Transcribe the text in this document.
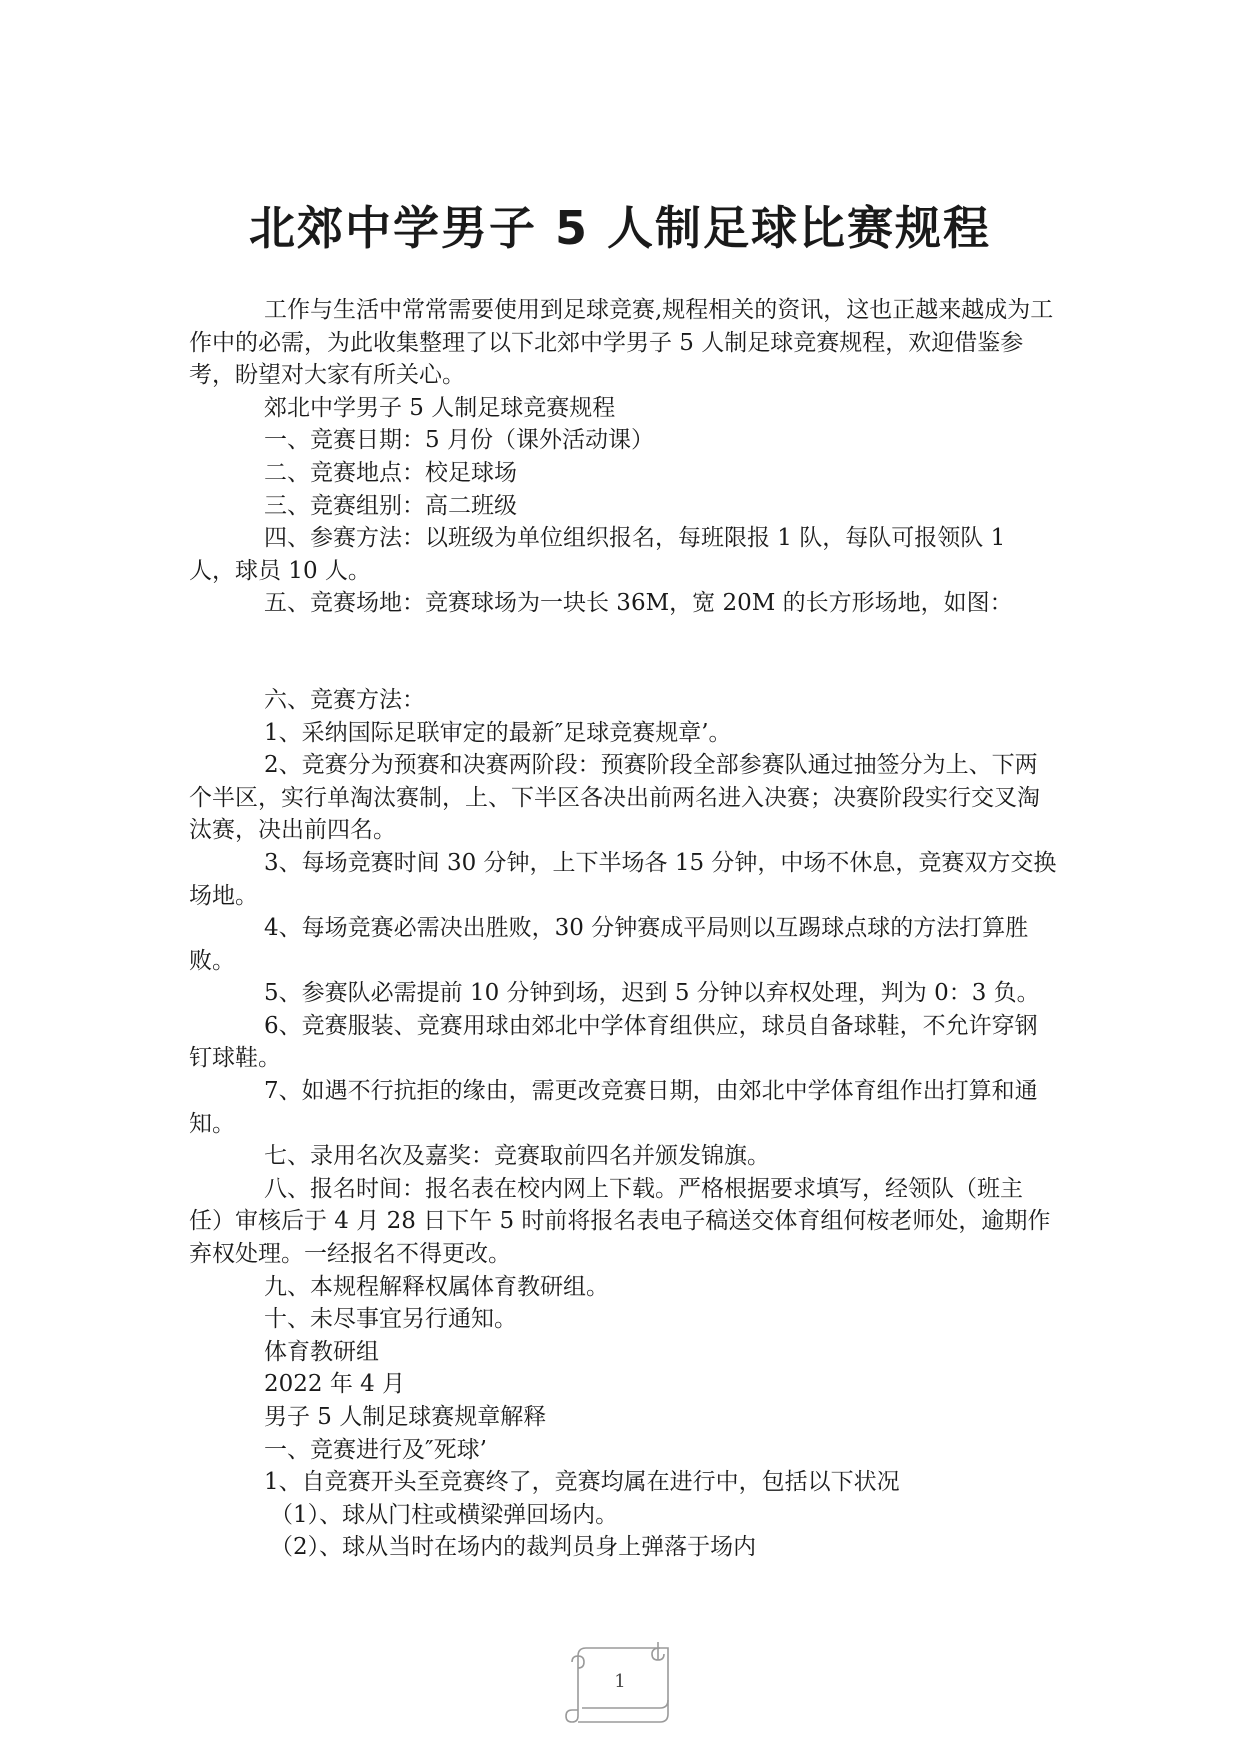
北郊中学男子 5 人制足球比赛规程

工作与生活中常常需要使用到足球竞赛,规程相关的资讯，这也正越来越成为工作中的必需，为此收集整理了以下北郊中学男子 5 人制足球竞赛规程，欢迎借鉴参考，盼望对大家有所关心。

郊北中学男子 5 人制足球竞赛规程

一、竞赛日期：5 月份（课外活动课）

二、竞赛地点：校足球场

三、竞赛组别：高二班级

四、参赛方法：以班级为单位组织报名，每班限报 1 队，每队可报领队 1 人，球员 10 人。

五、竞赛场地：竞赛球场为一块长 36M，宽 20M 的长方形场地，如图：

六、竞赛方法：

1、采纳国际足联审定的最新″足球竞赛规章’。

2、竞赛分为预赛和决赛两阶段：预赛阶段全部参赛队通过抽签分为上、下两个半区，实行单淘汰赛制，上、下半区各决出前两名进入决赛；决赛阶段实行交叉淘汰赛，决出前四名。

3、每场竞赛时间 30 分钟，上下半场各 15 分钟，中场不休息，竞赛双方交换场地。

4、每场竞赛必需决出胜败，30 分钟赛成平局则以互踢球点球的方法打算胜败。

5、参赛队必需提前 10 分钟到场，迟到 5 分钟以弃权处理，判为 0：3 负。

6、竞赛服装、竞赛用球由郊北中学体育组供应，球员自备球鞋，不允许穿钢钉球鞋。

7、如遇不行抗拒的缘由，需更改竞赛日期，由郊北中学体育组作出打算和通知。

七、录用名次及嘉奖：竞赛取前四名并颁发锦旗。

八、报名时间：报名表在校内网上下载。严格根据要求填写，经领队（班主任）审核后于 4 月 28 日下午 5 时前将报名表电子稿送交体育组何桉老师处，逾期作弃权处理。一经报名不得更改。

九、本规程解释权属体育教研组。

十、未尽事宜另行通知。

体育教研组

2022 年 4 月

男子 5 人制足球赛规章解释

一、竞赛进行及″死球’

1、自竞赛开头至竞赛终了，竞赛均属在进行中，包括以下状况

（1）、球从门柱或横梁弹回场内。

（2）、球从当时在场内的裁判员身上弹落于场内

1
